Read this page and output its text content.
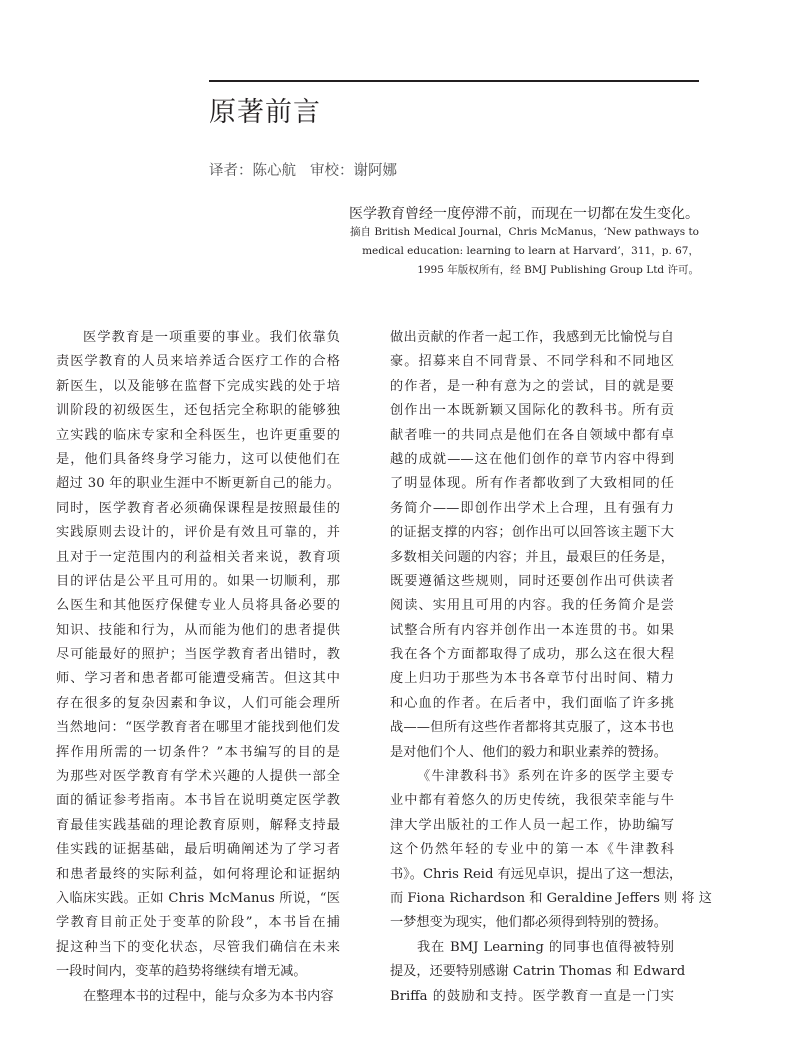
原著前言
译者：陈心航 审校：谢阿娜
医学教育曾经一度停滞不前，而现在一切都在发生变化。
摘自 British Medical Journal，Chris McManus，‘New pathways to
medical education: learning to learn at Harvard’，311，p. 67，
1995 年版权所有，经 BMJ Publishing Group Ltd 许可。
医学教育是一项重要的事业。我们依靠负
责医学教育的人员来培养适合医疗工作的合格
新医生，以及能够在监督下完成实践的处于培
训阶段的初级医生，还包括完全称职的能够独
立实践的临床专家和全科医生，也许更重要的
是，他们具备终身学习能力，这可以使他们在
超过 30 年的职业生涯中不断更新自己的能力。
同时，医学教育者必须确保课程是按照最佳的
实践原则去设计的，评价是有效且可靠的，并
且对于一定范围内的利益相关者来说，教育项
目的评估是公平且可用的。如果一切顺利，那
么医生和其他医疗保健专业人员将具备必要的
知识、技能和行为，从而能为他们的患者提供
尽可能最好的照护；当医学教育者出错时，教
师、学习者和患者都可能遭受痛苦。但这其中
存在很多的复杂因素和争议，人们可能会理所
当然地问：“医学教育者在哪里才能找到他们发
挥作用所需的一切条件？”本书编写的目的是
为那些对医学教育有学术兴趣的人提供一部全
面的循证参考指南。本书旨在说明奠定医学教
育最佳实践基础的理论教育原则，解释支持最
佳实践的证据基础，最后明确阐述为了学习者
和患者最终的实际利益，如何将理论和证据纳
入临床实践。正如 Chris McManus 所说，“医
学教育目前正处于变革的阶段”，本书旨在捕
捉这种当下的变化状态，尽管我们确信在未来
一段时间内，变革的趋势将继续有增无减。
在整理本书的过程中，能与众多为本书内容
做出贡献的作者一起工作，我感到无比愉悦与自
豪。招募来自不同背景、不同学科和不同地区
的作者，是一种有意为之的尝试，目的就是要
创作出一本既新颖又国际化的教科书。所有贡
献者唯一的共同点是他们在各自领域中都有卓
越的成就——这在他们创作的章节内容中得到
了明显体现。所有作者都收到了大致相同的任
务简介——即创作出学术上合理，且有强有力
的证据支撑的内容；创作出可以回答该主题下大
多数相关问题的内容；并且，最艰巨的任务是，
既要遵循这些规则，同时还要创作出可供读者
阅读、实用且可用的内容。我的任务简介是尝
试整合所有内容并创作出一本连贯的书。如果
我在各个方面都取得了成功，那么这在很大程
度上归功于那些为本书各章节付出时间、精力
和心血的作者。在后者中，我们面临了许多挑
战——但所有这些作者都将其克服了，这本书也
是对他们个人、他们的毅力和职业素养的赞扬。
《牛津教科书》系列在许多的医学主要专
业中都有着悠久的历史传统，我很荣幸能与牛
津大学出版社的工作人员一起工作，协助编写
这个仍然年轻的专业中的第一本《牛津教科
书》。Chris Reid 有远见卓识，提出了这一想法，
而 Fiona Richardson 和 Geraldine Jeffers 则 将 这
一梦想变为现实，他们都必须得到特别的赞扬。
我在 BMJ Learning 的同事也值得被特别
提及，还要特别感谢 Catrin Thomas 和 Edward
Briffa 的鼓励和支持。医学教育一直是一门实
